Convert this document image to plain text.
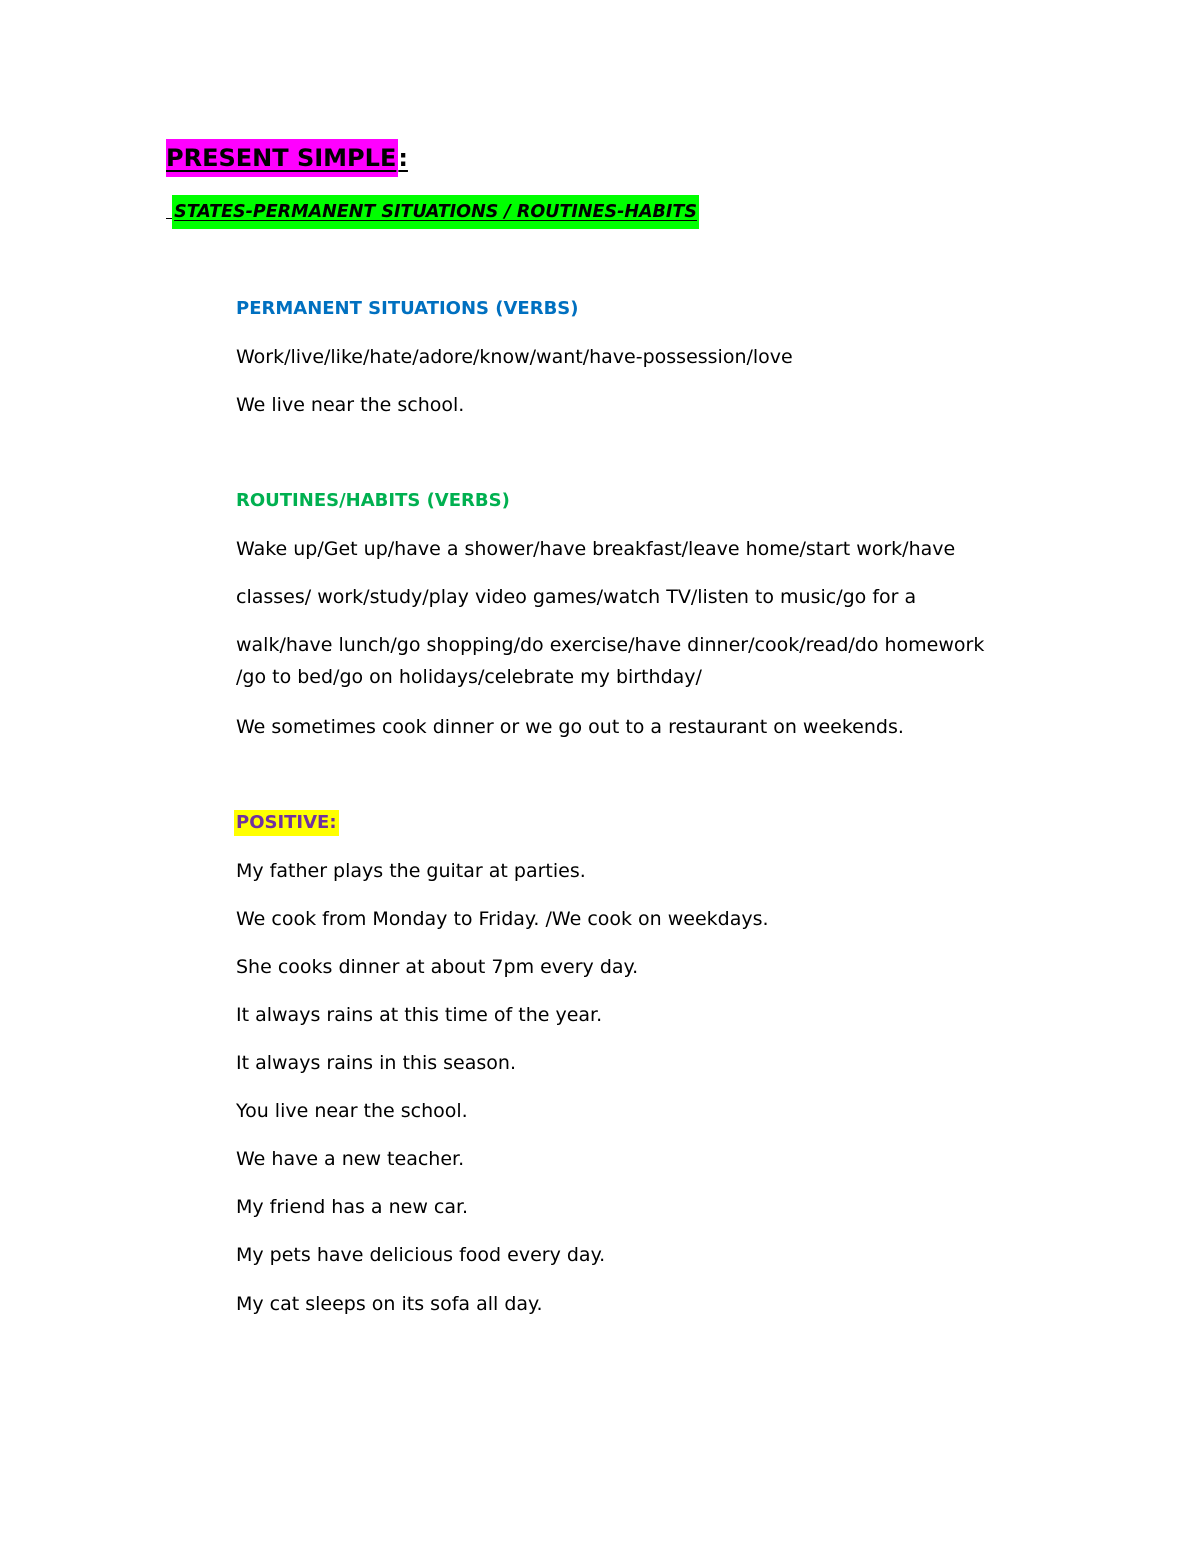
PRESENT SIMPLE:
STATES-PERMANENT SITUATIONS / ROUTINES-HABITS
PERMANENT SITUATIONS (VERBS)
Work/live/like/hate/adore/know/want/have-possession/love
We live near the school.
ROUTINES/HABITS (VERBS)
Wake up/Get up/have a shower/have breakfast/leave home/start work/have
classes/ work/study/play video games/watch TV/listen to music/go for a
walk/have lunch/go shopping/do exercise/have dinner/cook/read/do homework
/go to bed/go on holidays/celebrate my birthday/
We sometimes cook dinner or we go out to a restaurant on weekends.
POSITIVE:
My father plays the guitar at parties.
We cook from Monday to Friday. /We cook on weekdays.
She cooks dinner at about 7pm every day.
It always rains at this time of the year.
It always rains in this season.
You live near the school.
We have a new teacher.
My friend has a new car.
My pets have delicious food every day.
My cat sleeps on its sofa all day.
